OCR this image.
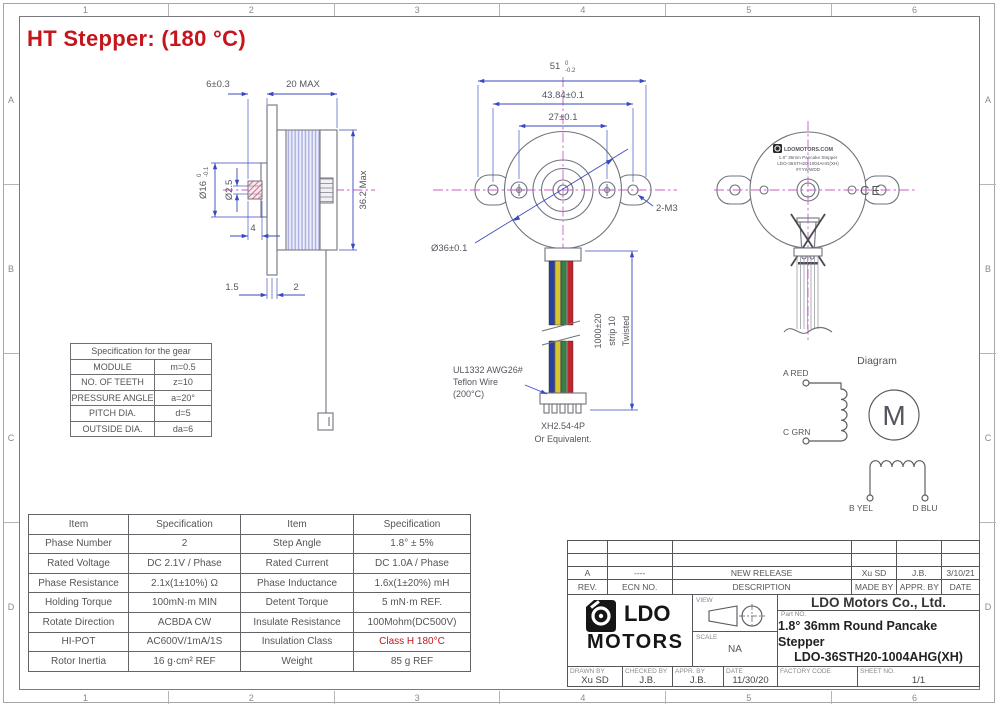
1	2	3	4	5	6
1	2	3	4	5	6
A
B
C
D
A
B
C
D
HT Stepper: (180 °C)
6±0.3	20 MAX
Ø16
0 -0.1
Ø2.5	36.2 Max
4
1.5	2
51 0
-0.2
43.84±0.1
27±0.1
Ø36±0.1
2-M3
UL1332 AWG26#
Teflon Wire
(200°C)
1000±20 strip 10 Twisted
XH2.54-4P
Or Equivalent.
LDOMOTORS.COM
1.8° 36mm Pancake Stepper
LDO-36STH20-1004AHG(XH)
#YYWWDD
CE
Diagram
A RED
C GRN
M
B YEL	D BLU
Specification for the gear	
MODULE	m=0.5
NO. OF TEETH	z=10
PRESSURE ANGLE	a=20°
PITCH DIA.	d=5
OUTSIDE DIA.	da=6
Item	Specification	Item	Specification
Phase Number	2	Step Angle	1.8° ± 5%
Rated Voltage	DC 2.1V / Phase	Rated Current	DC 1.0A / Phase
Phase Resistance	2.1x(1±10%) Ω	Phase Inductance	1.6x(1±20%) mH
Holding Torque	100mN·m MIN	Detent Torque	5 mN·m REF.
Rotate Direction	ACBDA CW	Insulate Resistance	100Mohm(DC500V)
HI-POT	AC600V/1mA/1S	Insulation Class	Class H 180°C
Rotor Inertia	16 g·cm² REF	Weight	85 g REF
A	----	NEW RELEASE	Xu SD	J.B.	3/10/21
REV.	ECN NO.	DESCRIPTION	MADE BY APPR. BY	DATE
LDO
MOTORS
VIEW
SCALE
NA
LDO Motors Co., Ltd.
Part NO.
1.8° 36mm Round Pancake Stepper
LDO-36STH20-1004AHG(XH)
DRAWN BY
Xu SD
CHECKED BY
J.B.
APPR. BY
J.B.
DATE
11/30/20
FACTORY CODE	SHEET NO.
1/1
